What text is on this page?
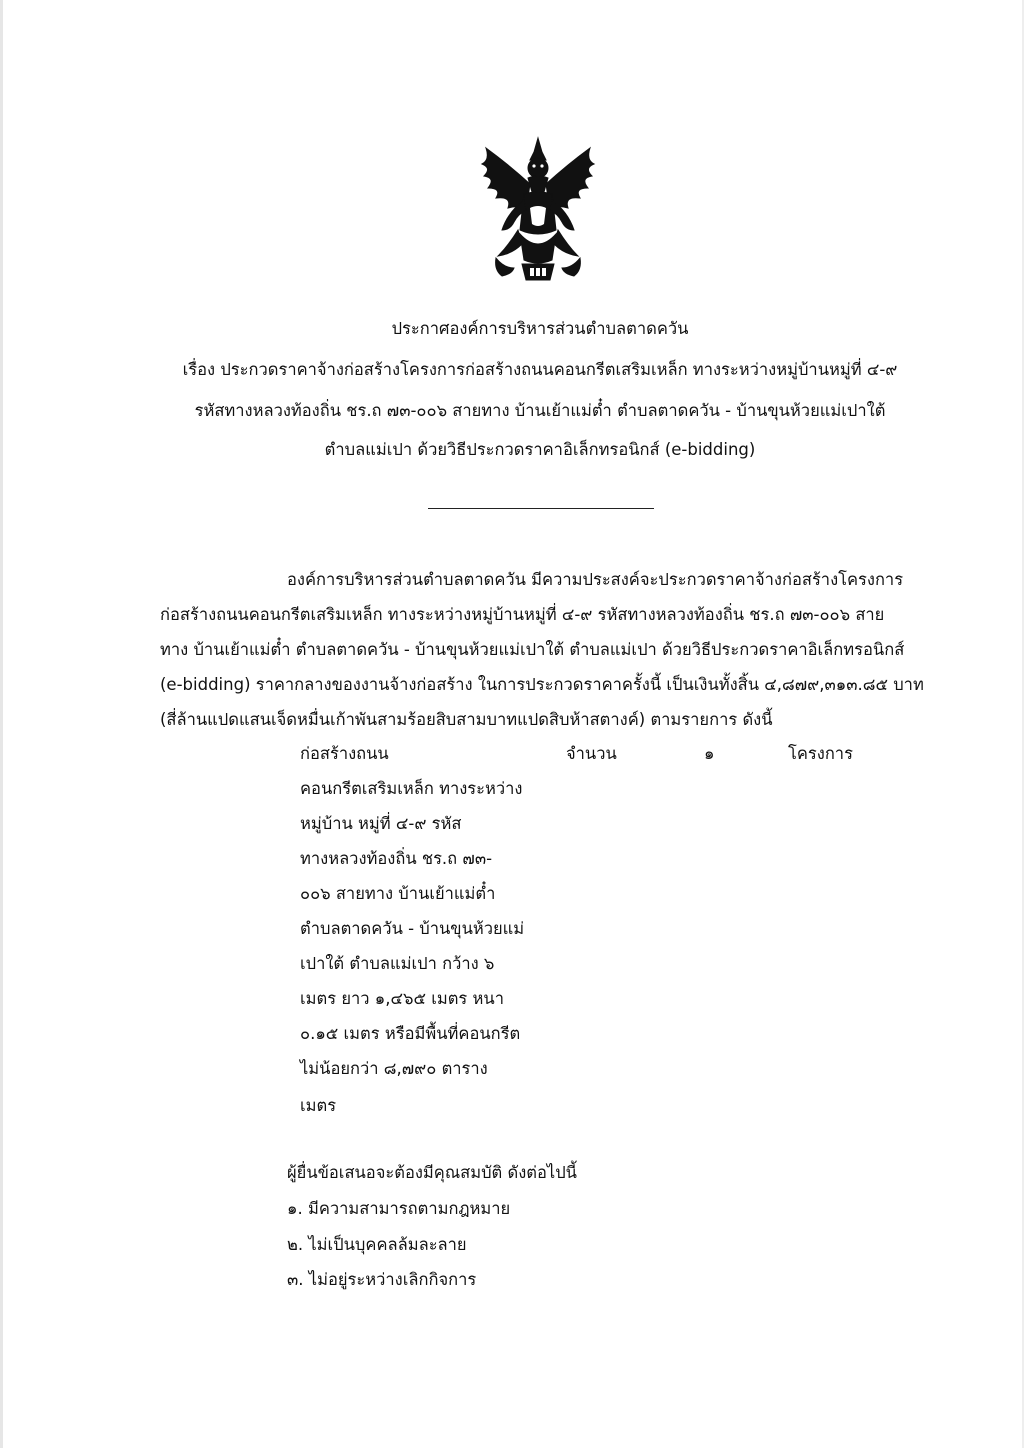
ประกาศองค์การบริหารส่วนตำบลตาดควัน
เรื่อง ประกวดราคาจ้างก่อสร้างโครงการก่อสร้างถนนคอนกรีตเสริมเหล็ก ทางระหว่างหมู่บ้านหมู่ที่ ๔-๙
รหัสทางหลวงท้องถิ่น ชร.ถ ๗๓-๐๐๖ สายทาง บ้านเย้าแม่ต๋ำ ตำบลตาดควัน - บ้านขุนห้วยแม่เปาใต้
ตำบลแม่เปา ด้วยวิธีประกวดราคาอิเล็กทรอนิกส์ (e-bidding)
องค์การบริหารส่วนตำบลตาดควัน มีความประสงค์จะประกวดราคาจ้างก่อสร้างโครงการ
ก่อสร้างถนนคอนกรีตเสริมเหล็ก ทางระหว่างหมู่บ้านหมู่ที่ ๔-๙ รหัสทางหลวงท้องถิ่น ชร.ถ ๗๓-๐๐๖ สาย
ทาง บ้านเย้าแม่ต๋ำ ตำบลตาดควัน - บ้านขุนห้วยแม่เปาใต้ ตำบลแม่เปา ด้วยวิธีประกวดราคาอิเล็กทรอนิกส์
(e-bidding) ราคากลางของงานจ้างก่อสร้าง ในการประกวดราคาครั้งนี้ เป็นเงินทั้งสิ้น ๔,๘๗๙,๓๑๓.๘๕ บาท
(สี่ล้านแปดแสนเจ็ดหมื่นเก้าพันสามร้อยสิบสามบาทแปดสิบห้าสตางค์) ตามรายการ ดังนี้
ก่อสร้างถนน
คอนกรีตเสริมเหล็ก ทางระหว่าง
หมู่บ้าน หมู่ที่ ๔-๙ รหัส
ทางหลวงท้องถิ่น ชร.ถ ๗๓-
๐๐๖ สายทาง บ้านเย้าแม่ต๋ำ
ตำบลตาดควัน - บ้านขุนห้วยแม่
เปาใต้ ตำบลแม่เปา กว้าง ๖
เมตร ยาว ๑,๔๖๕ เมตร หนา
๐.๑๕ เมตร หรือมีพื้นที่คอนกรีต
ไม่น้อยกว่า ๘,๗๙๐ ตาราง
เมตร
จำนวน	๑	โครงการ
ผู้ยื่นข้อเสนอจะต้องมีคุณสมบัติ ดังต่อไปนี้
๑. มีความสามารถตามกฎหมาย
๒. ไม่เป็นบุคคลล้มละลาย
๓. ไม่อยู่ระหว่างเลิกกิจการ
